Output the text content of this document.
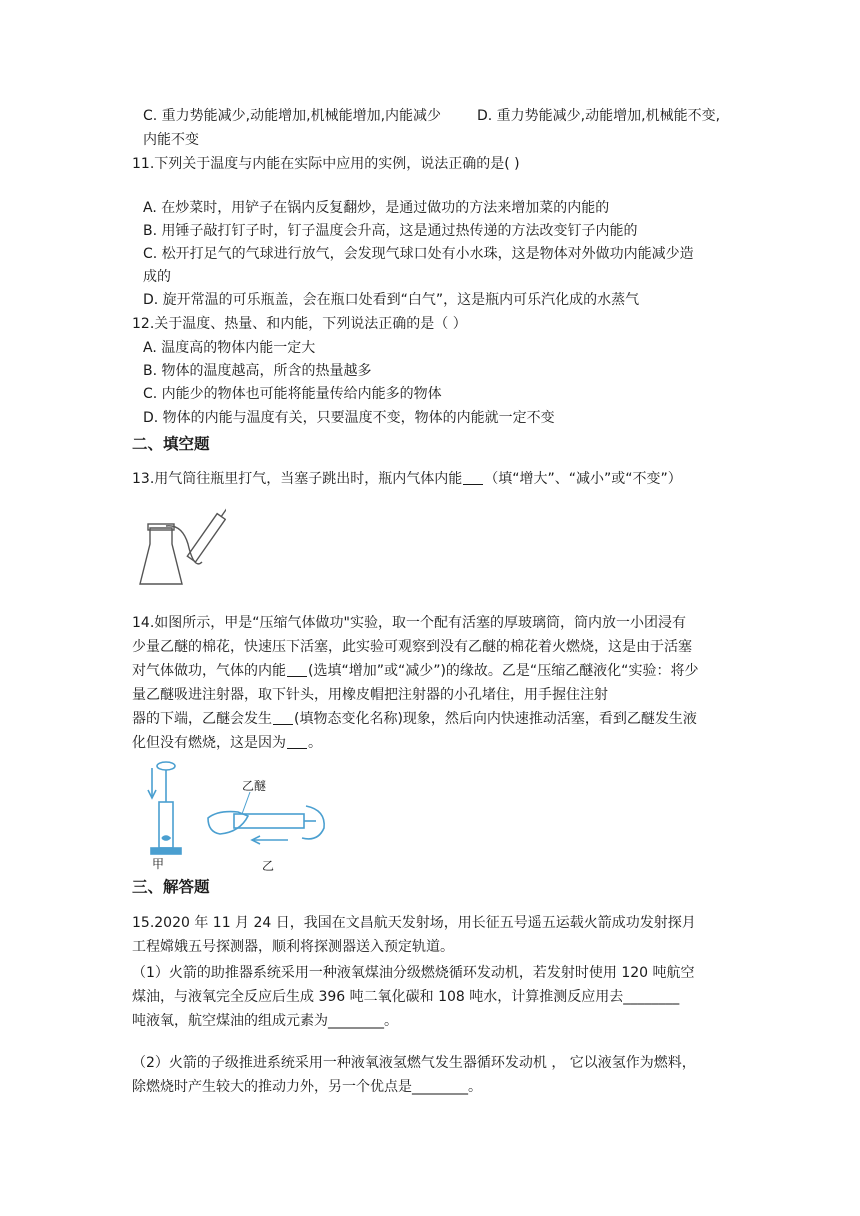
C. 重力势能减少,动能增加,机械能增加,内能减少	D. 重力势能减少,动能增加,机械能不变,
内能不变
11.下列关于温度与内能在实际中应用的实例，说法正确的是( )
A. 在炒菜时，用铲子在锅内反复翻炒，是通过做功的方法来增加菜的内能的
B. 用锤子敲打钉子时，钉子温度会升高，这是通过热传递的方法改变钉子内能的
C. 松开打足气的气球进行放气，会发现气球口处有小水珠，这是物体对外做功内能减少造
成的
D. 旋开常温的可乐瓶盖，会在瓶口处看到“白气”，这是瓶内可乐汽化成的水蒸气
12.关于温度、热量、和内能，下列说法正确的是（ ）
A. 温度高的物体内能一定大
B. 物体的温度越高，所含的热量越多
C. 内能少的物体也可能将能量传给内能多的物体
D. 物体的内能与温度有关，只要温度不变，物体的内能就一定不变
二、填空题
13.用气筒往瓶里打气，当塞子跳出时，瓶内气体内能 （填“增大”、“减小”或“不变”）
14.如图所示，甲是“压缩气体做功"实验，取一个配有活塞的厚玻璃筒，筒内放一小团浸有
少量乙醚的棉花，快速压下活塞，此实验可观察到没有乙醚的棉花着火燃烧，这是由于活塞
对气体做功，气体的内能 (选填“增加”或“减少”)的缘故。乙是“压缩乙醚液化“实验：将少
量乙醚吸进注射器，取下针头，用橡皮帽把注射器的小孔堵住，用手握住注射
器的下端，乙醚会发生 (填物态变化名称)现象，然后向内快速推动活塞，看到乙醚发生液
化但没有燃烧，这是因为 。
乙醚
甲	乙
三、解答题
15.2020 年 11 月 24 日，我国在文昌航天发射场，用长征五号遥五运载火箭成功发射探月
工程嫦娥五号探测器，顺利将探测器送入预定轨道。
（1）火箭的助推器系统采用一种液氧煤油分级燃烧循环发动机，若发射时使用 120 吨航空
煤油，与液氧完全反应后生成 396 吨二氧化碳和 108 吨水，计算推测反应用去________
吨液氧，航空煤油的组成元素为________。
（2）火箭的子级推进系统采用一种液氧液氢燃气发生器循环发动机 ， 它以液氢作为燃料，
除燃烧时产生较大的推动力外，另一个优点是________。
